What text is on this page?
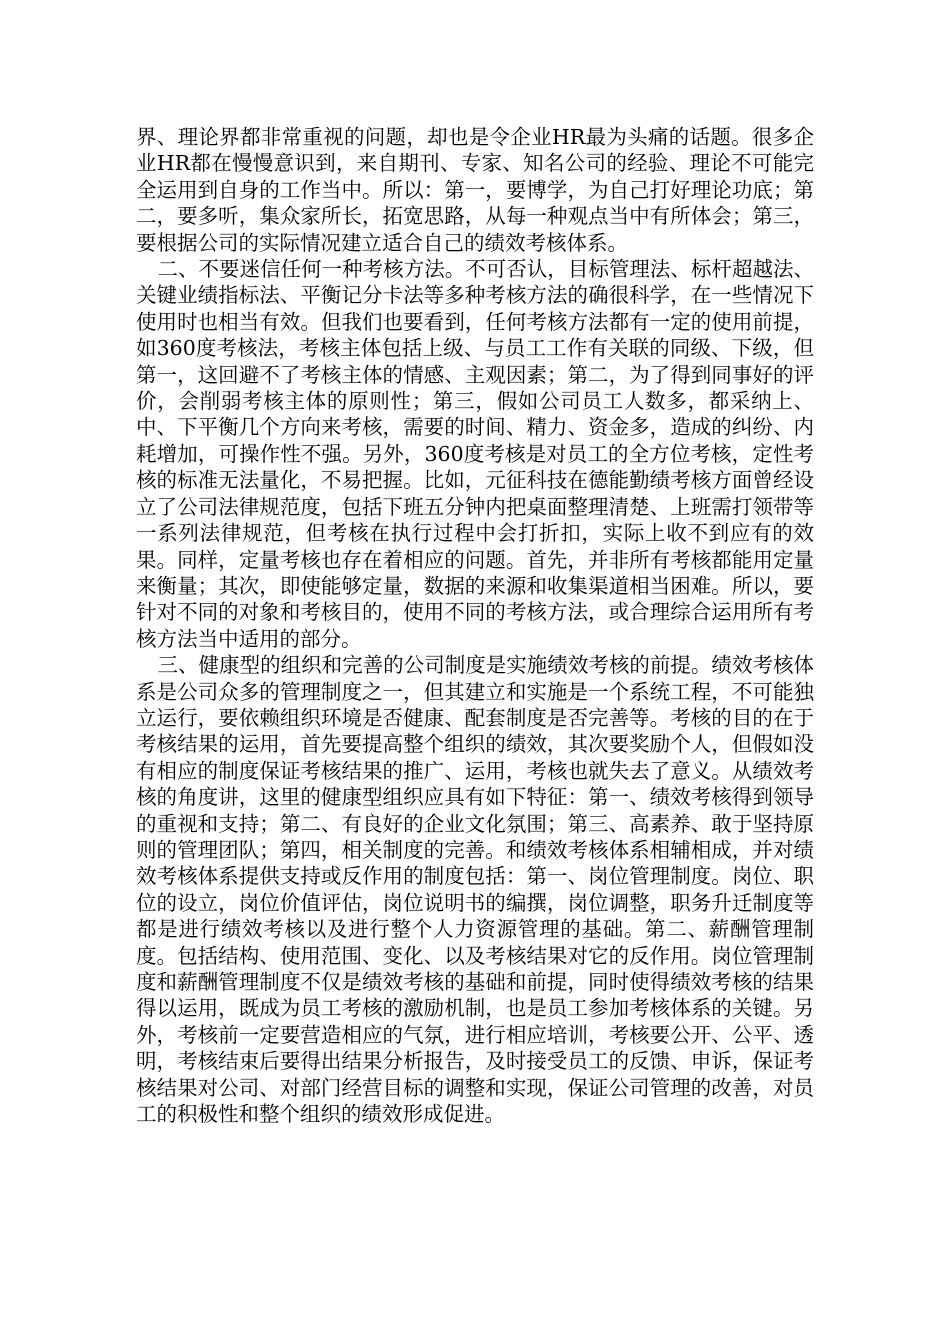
界、理论界都非常重视的问题，却也是令企业HR最为头痛的话题。很多企业HR都在慢慢意识到，来自期刊、专家、知名公司的经验、理论不可能完全运用到自身的工作当中。所以：第一，要博学，为自己打好理论功底；第二，要多听，集众家所长，拓宽思路，从每一种观点当中有所体会；第三，要根据公司的实际情况建立适合自己的绩效考核体系。

二、不要迷信任何一种考核方法。不可否认，目标管理法、标杆超越法、关键业绩指标法、平衡记分卡法等多种考核方法的确很科学，在一些情况下使用时也相当有效。但我们也要看到，任何考核方法都有一定的使用前提，如360度考核法，考核主体包括上级、与员工工作有关联的同级、下级，但第一，这回避不了考核主体的情感、主观因素；第二，为了得到同事好的评价，会削弱考核主体的原则性；第三，假如公司员工人数多，都采纳上、中、下平衡几个方向来考核，需要的时间、精力、资金多，造成的纠纷、内耗增加，可操作性不强。另外，360度考核是对员工的全方位考核，定性考核的标准无法量化，不易把握。比如，元征科技在德能勤绩考核方面曾经设立了公司法律规范度，包括下班五分钟内把桌面整理清楚、上班需打领带等一系列法律规范，但考核在执行过程中会打折扣，实际上收不到应有的效果。同样，定量考核也存在着相应的问题。首先，并非所有考核都能用定量来衡量；其次，即使能够定量，数据的来源和收集渠道相当困难。所以，要针对不同的对象和考核目的，使用不同的考核方法，或合理综合运用所有考核方法当中适用的部分。

三、健康型的组织和完善的公司制度是实施绩效考核的前提。绩效考核体系是公司众多的管理制度之一，但其建立和实施是一个系统工程，不可能独立运行，要依赖组织环境是否健康、配套制度是否完善等。考核的目的在于考核结果的运用，首先要提高整个组织的绩效，其次要奖励个人，但假如没有相应的制度保证考核结果的推广、运用，考核也就失去了意义。从绩效考核的角度讲，这里的健康型组织应具有如下特征：第一、绩效考核得到领导的重视和支持；第二、有良好的企业文化氛围；第三、高素养、敢于坚持原则的管理团队；第四，相关制度的完善。和绩效考核体系相辅相成，并对绩效考核体系提供支持或反作用的制度包括：第一、岗位管理制度。岗位、职位的设立，岗位价值评估，岗位说明书的编撰，岗位调整，职务升迁制度等都是进行绩效考核以及进行整个人力资源管理的基础。第二、薪酬管理制度。包括结构、使用范围、变化、以及考核结果对它的反作用。岗位管理制度和薪酬管理制度不仅是绩效考核的基础和前提，同时使得绩效考核的结果得以运用，既成为员工考核的激励机制，也是员工参加考核体系的关键。另外，考核前一定要营造相应的气氛，进行相应培训，考核要公开、公平、透明，考核结束后要得出结果分析报告，及时接受员工的反馈、申诉，保证考核结果对公司、对部门经营目标的调整和实现，保证公司管理的改善，对员工的积极性和整个组织的绩效形成促进。
